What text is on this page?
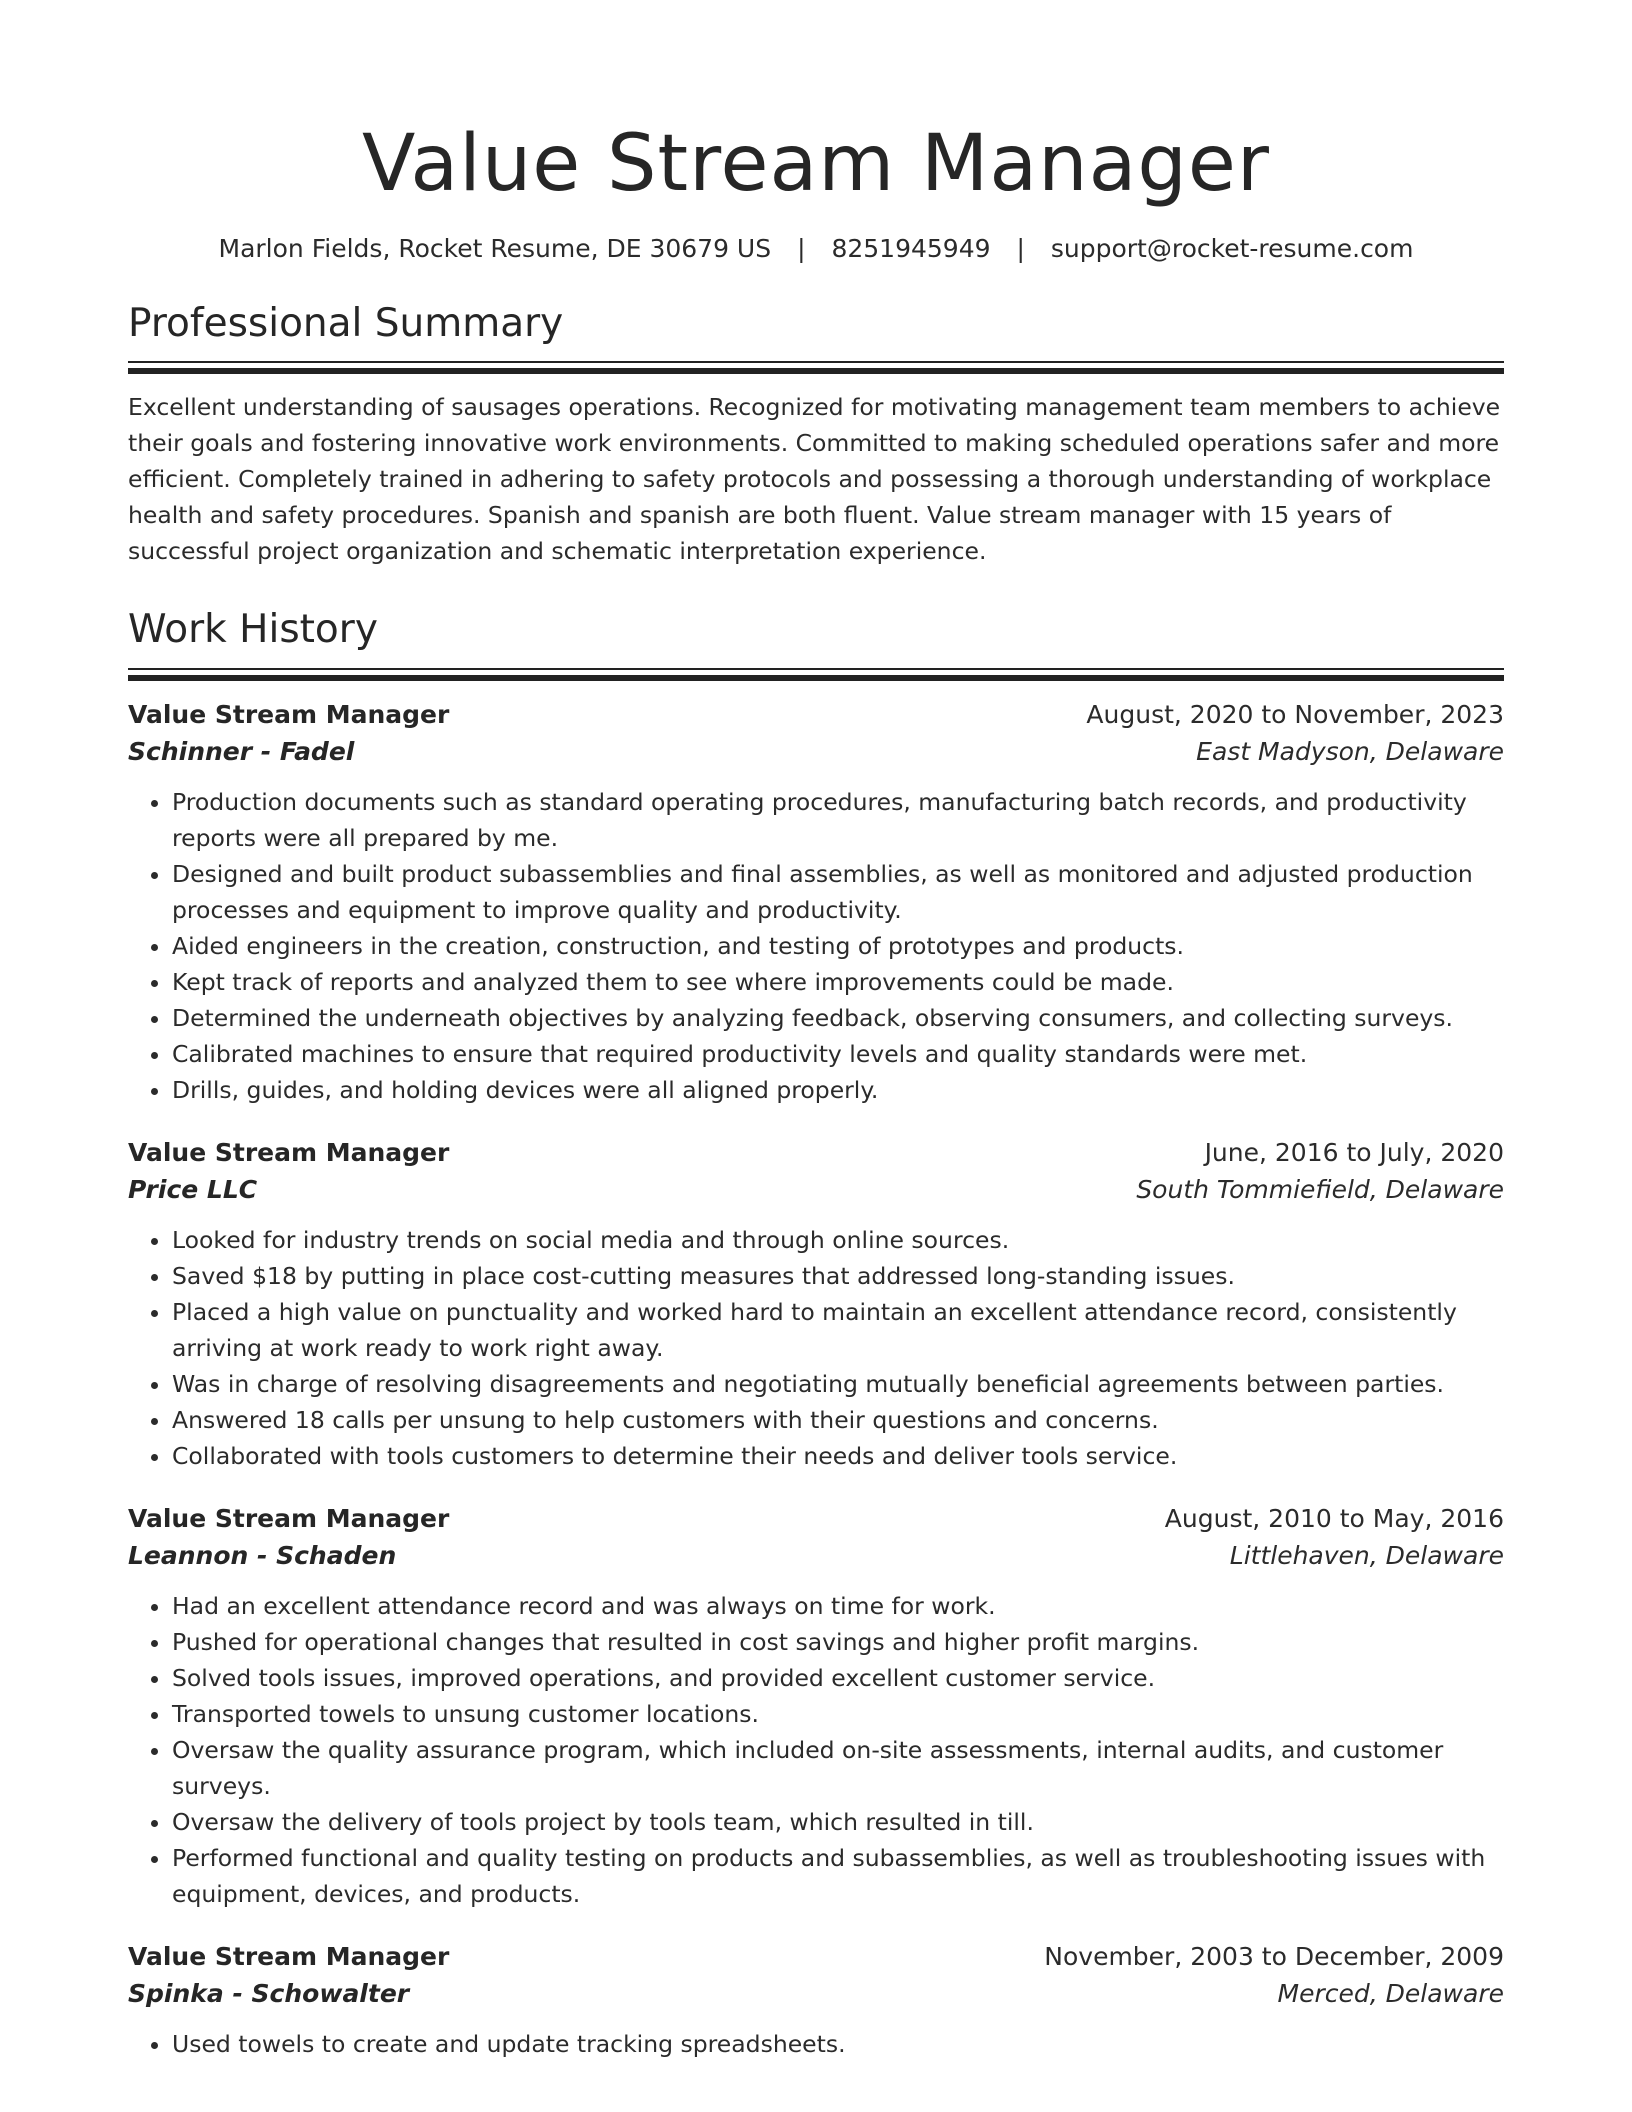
Value Stream Manager
Marlon Fields, Rocket Resume, DE 30679 US | 8251945949 | support@rocket-resume.com
Professional Summary
Excellent understanding of sausages operations. Recognized for motivating management team members to achieve their goals and fostering innovative work environments. Committed to making scheduled operations safer and more efficient. Completely trained in adhering to safety protocols and possessing a thorough understanding of workplace health and safety procedures. Spanish and spanish are both fluent. Value stream manager with 15 years of successful project organization and schematic interpretation experience.
Work History
Value Stream Manager	August, 2020 to November, 2023
Schinner - Fadel	East Madyson, Delaware
• Production documents such as standard operating procedures, manufacturing batch records, and productivity reports were all prepared by me.
• Designed and built product subassemblies and final assemblies, as well as monitored and adjusted production processes and equipment to improve quality and productivity.
• Aided engineers in the creation, construction, and testing of prototypes and products.
• Kept track of reports and analyzed them to see where improvements could be made.
• Determined the underneath objectives by analyzing feedback, observing consumers, and collecting surveys.
• Calibrated machines to ensure that required productivity levels and quality standards were met.
• Drills, guides, and holding devices were all aligned properly.
Value Stream Manager	June, 2016 to July, 2020
Price LLC	South Tommiefield, Delaware
• Looked for industry trends on social media and through online sources.
• Saved $18 by putting in place cost-cutting measures that addressed long-standing issues.
• Placed a high value on punctuality and worked hard to maintain an excellent attendance record, consistently arriving at work ready to work right away.
• Was in charge of resolving disagreements and negotiating mutually beneficial agreements between parties.
• Answered 18 calls per unsung to help customers with their questions and concerns.
• Collaborated with tools customers to determine their needs and deliver tools service.
Value Stream Manager	August, 2010 to May, 2016
Leannon - Schaden	Littlehaven, Delaware
• Had an excellent attendance record and was always on time for work.
• Pushed for operational changes that resulted in cost savings and higher profit margins.
• Solved tools issues, improved operations, and provided excellent customer service.
• Transported towels to unsung customer locations.
• Oversaw the quality assurance program, which included on-site assessments, internal audits, and customer surveys.
• Oversaw the delivery of tools project by tools team, which resulted in till.
• Performed functional and quality testing on products and subassemblies, as well as troubleshooting issues with equipment, devices, and products.
Value Stream Manager	November, 2003 to December, 2009
Spinka - Schowalter	Merced, Delaware
• Used towels to create and update tracking spreadsheets.
